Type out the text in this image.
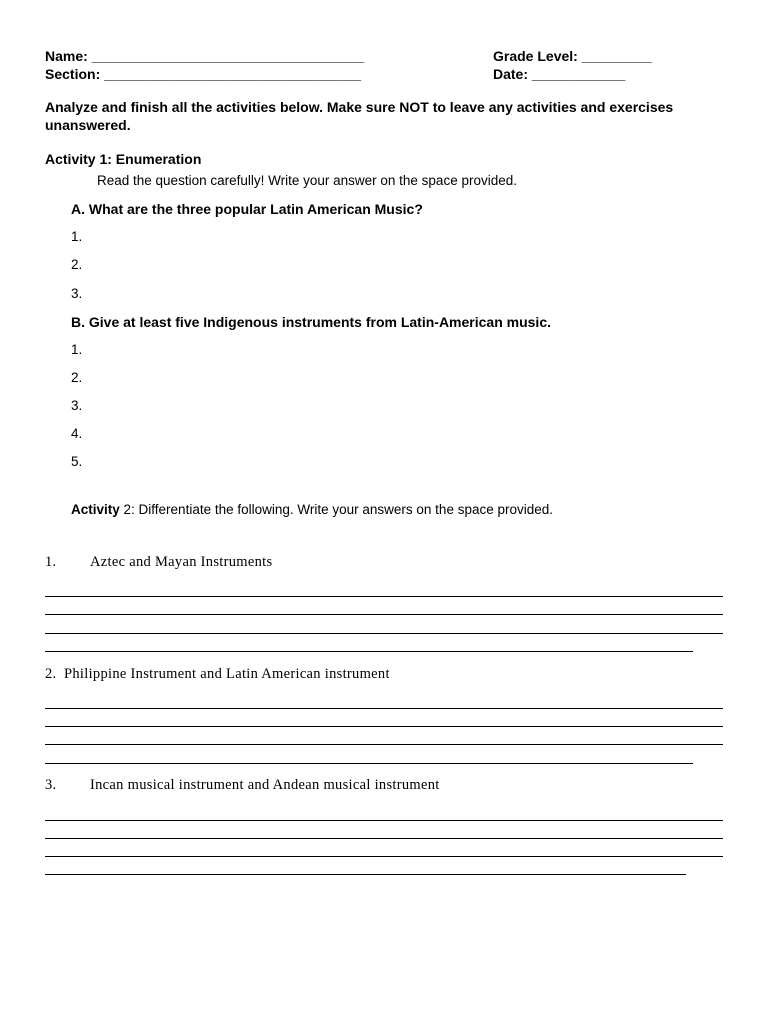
Name: ___________________________________	Grade Level: _________
Section: _________________________________	Date: ____________
Analyze and finish all the activities below. Make sure NOT to leave any activities and exercises
unanswered.
Activity 1: Enumeration
Read the question carefully! Write your answer on the space provided.
A. What are the three popular Latin American Music?
1.
2.
3.
B. Give at least five Indigenous instruments from Latin-American music.
1.
2.
3.
4.
5.
Activity 2: Differentiate the following. Write your answers on the space provided.
1. Aztec and Mayan Instruments
2. Philippine Instrument and Latin American instrument
3. Incan musical instrument and Andean musical instrument
